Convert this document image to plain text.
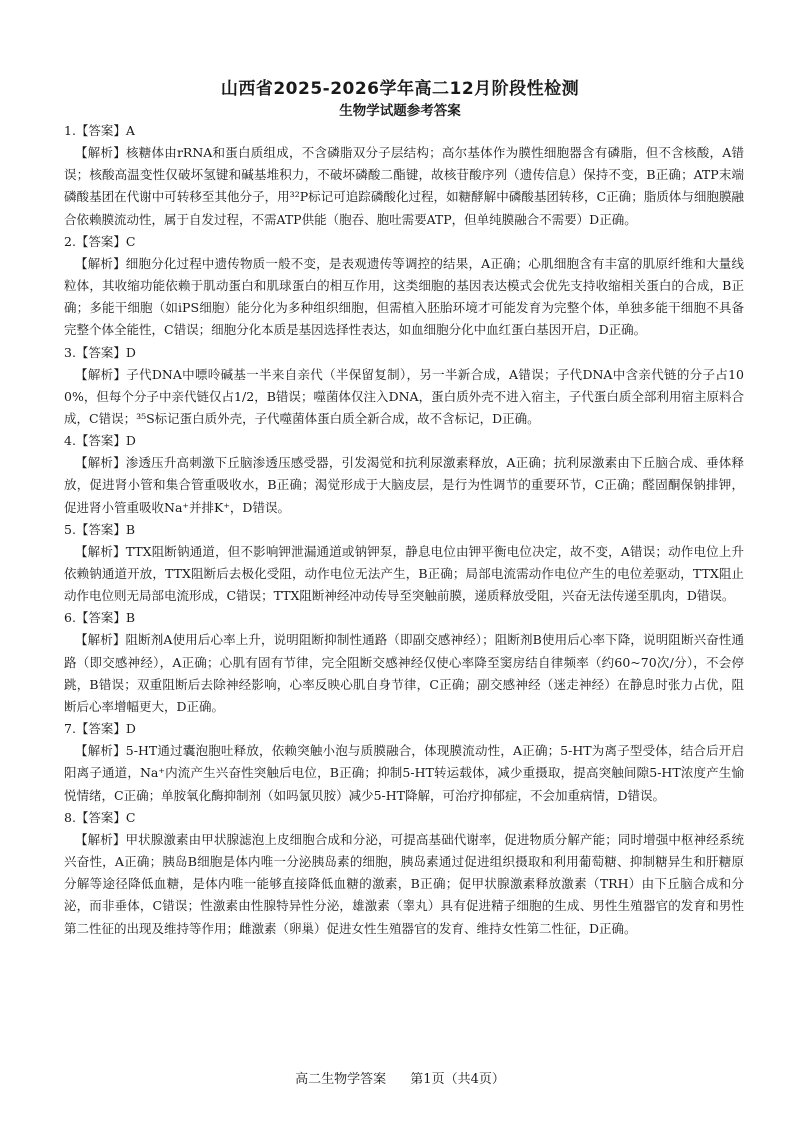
山西省2025-2026学年高二12月阶段性检测
生物学试题参考答案
1.【答案】A

【解析】核糖体由rRNA和蛋白质组成，不含磷脂双分子层结构；高尔基体作为膜性细胞器含有磷脂，但不含核酸，A错误；核酸高温变性仅破坏氢键和碱基堆积力，不破坏磷酸二酯键，故核苷酸序列（遗传信息）保持不变，B正确；ATP末端磷酸基团在代谢中可转移至其他分子，用³²P标记可追踪磷酸化过程，如糖酵解中磷酸基团转移，C正确；脂质体与细胞膜融合依赖膜流动性，属于自发过程，不需ATP供能（胞吞、胞吐需要ATP，但单纯膜融合不需要）D正确。

2.【答案】C

【解析】细胞分化过程中遗传物质一般不变，是表观遗传等调控的结果，A正确；心肌细胞含有丰富的肌原纤维和大量线粒体，其收缩功能依赖于肌动蛋白和肌球蛋白的相互作用，这类细胞的基因表达模式会优先支持收缩相关蛋白的合成，B正确；多能干细胞（如iPS细胞）能分化为多种组织细胞，但需植入胚胎环境才可能发育为完整个体，单独多能干细胞不具备完整个体全能性，C错误；细胞分化本质是基因选择性表达，如血细胞分化中血红蛋白基因开启，D正确。

3.【答案】D

【解析】子代DNA中嘌呤碱基一半来自亲代（半保留复制），另一半新合成，A错误；子代DNA中含亲代链的分子占100%，但每个分子中亲代链仅占1/2，B错误；噬菌体仅注入DNA，蛋白质外壳不进入宿主，子代蛋白质全部利用宿主原料合成，C错误；³⁵S标记蛋白质外壳，子代噬菌体蛋白质全新合成，故不含标记，D正确。

4.【答案】D

【解析】渗透压升高刺激下丘脑渗透压感受器，引发渴觉和抗利尿激素释放，A正确；抗利尿激素由下丘脑合成、垂体释放，促进肾小管和集合管重吸收水，B正确；渴觉形成于大脑皮层，是行为性调节的重要环节，C正确；醛固酮保钠排钾，促进肾小管重吸收Na⁺并排K⁺，D错误。

5.【答案】B

【解析】TTX阻断钠通道，但不影响钾泄漏通道或钠钾泵，静息电位由钾平衡电位决定，故不变，A错误；动作电位上升依赖钠通道开放，TTX阻断后去极化受阻，动作电位无法产生，B正确；局部电流需动作电位产生的电位差驱动，TTX阻止动作电位则无局部电流形成，C错误；TTX阻断神经冲动传导至突触前膜，递质释放受阻，兴奋无法传递至肌肉，D错误。

6.【答案】B

【解析】阻断剂A使用后心率上升，说明阻断抑制性通路（即副交感神经）；阻断剂B使用后心率下降，说明阻断兴奋性通路（即交感神经），A正确；心肌有固有节律，完全阻断交感神经仅使心率降至窦房结自律频率（约60~70次/分），不会停跳，B错误；双重阻断后去除神经影响，心率反映心肌自身节律，C正确；副交感神经（迷走神经）在静息时张力占优，阻断后心率增幅更大，D正确。

7.【答案】D

【解析】5-HT通过囊泡胞吐释放，依赖突触小泡与质膜融合，体现膜流动性，A正确；5-HT为离子型受体，结合后开启阳离子通道，Na⁺内流产生兴奋性突触后电位，B正确；抑制5-HT转运载体，减少重摄取，提高突触间隙5-HT浓度产生愉悦情绪，C正确；单胺氧化酶抑制剂（如吗氯贝胺）减少5-HT降解，可治疗抑郁症，不会加重病情，D错误。

8.【答案】C

【解析】甲状腺激素由甲状腺滤泡上皮细胞合成和分泌，可提高基础代谢率，促进物质分解产能；同时增强中枢神经系统兴奋性，A正确；胰岛B细胞是体内唯一分泌胰岛素的细胞，胰岛素通过促进组织摄取和利用葡萄糖、抑制糖异生和肝糖原分解等途径降低血糖，是体内唯一能够直接降低血糖的激素，B正确；促甲状腺激素释放激素（TRH）由下丘脑合成和分泌，而非垂体，C错误；性激素由性腺特异性分泌，雄激素（睾丸）具有促进精子细胞的生成、男性生殖器官的发育和男性第二性征的出现及维持等作用；雌激素（卵巢）促进女性生殖器官的发育、维持女性第二性征，D正确。

高二生物学答案 第1页（共4页）
